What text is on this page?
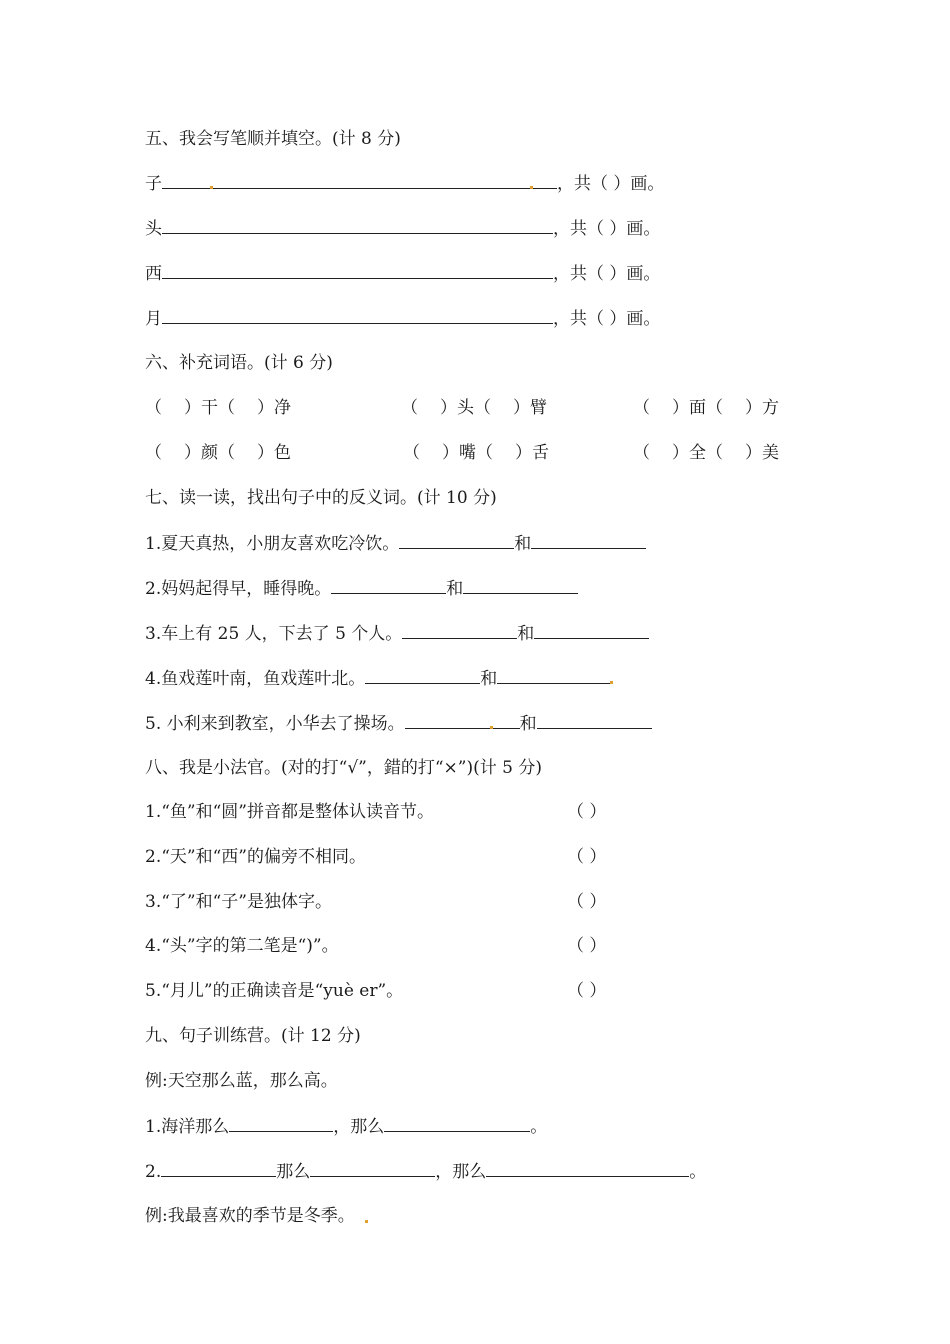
五、我会写笔顺并填空。(计 8 分)
子	，共（ ）画。
头	，共（ ）画。
西	，共（ ）画。
月	，共（ ）画。
六、补充词语。(计 6 分)
（ ）干（ ）净	（ ）头（ ）臂	（ ）面（ ）方
（ ）颜（ ）色	（ ）嘴（ ）舌	（ ）全（ ）美
七、读一读，找出句子中的反义词。(计 10 分)
1.夏天真热，小朋友喜欢吃冷饮。	和
2.妈妈起得早，睡得晚。	和
3.车上有 25 人，下去了 5 个人。	和
4.鱼戏莲叶南，鱼戏莲叶北。	和
5. 小利来到教室，小华去了操场。	和
八、我是小法官。(对的打“√”，錯的打“×”)(计 5 分)
1.“鱼”和“圆”拼音都是整体认读音节。	（ ）
2.“天”和“西”的偏旁不相同。	（ ）
3.“了”和“子”是独体字。	（ ）
4.“头”字的第二笔是“)”。	（ ）
5.“月儿”的正确读音是“yuè er”。	（ ）
九、句子训练营。(计 12 分)
例:天空那么蓝，那么高。
1.海洋那么	，那么	。
2.	那么	，那么	。
例:我最喜欢的季节是冬季。
